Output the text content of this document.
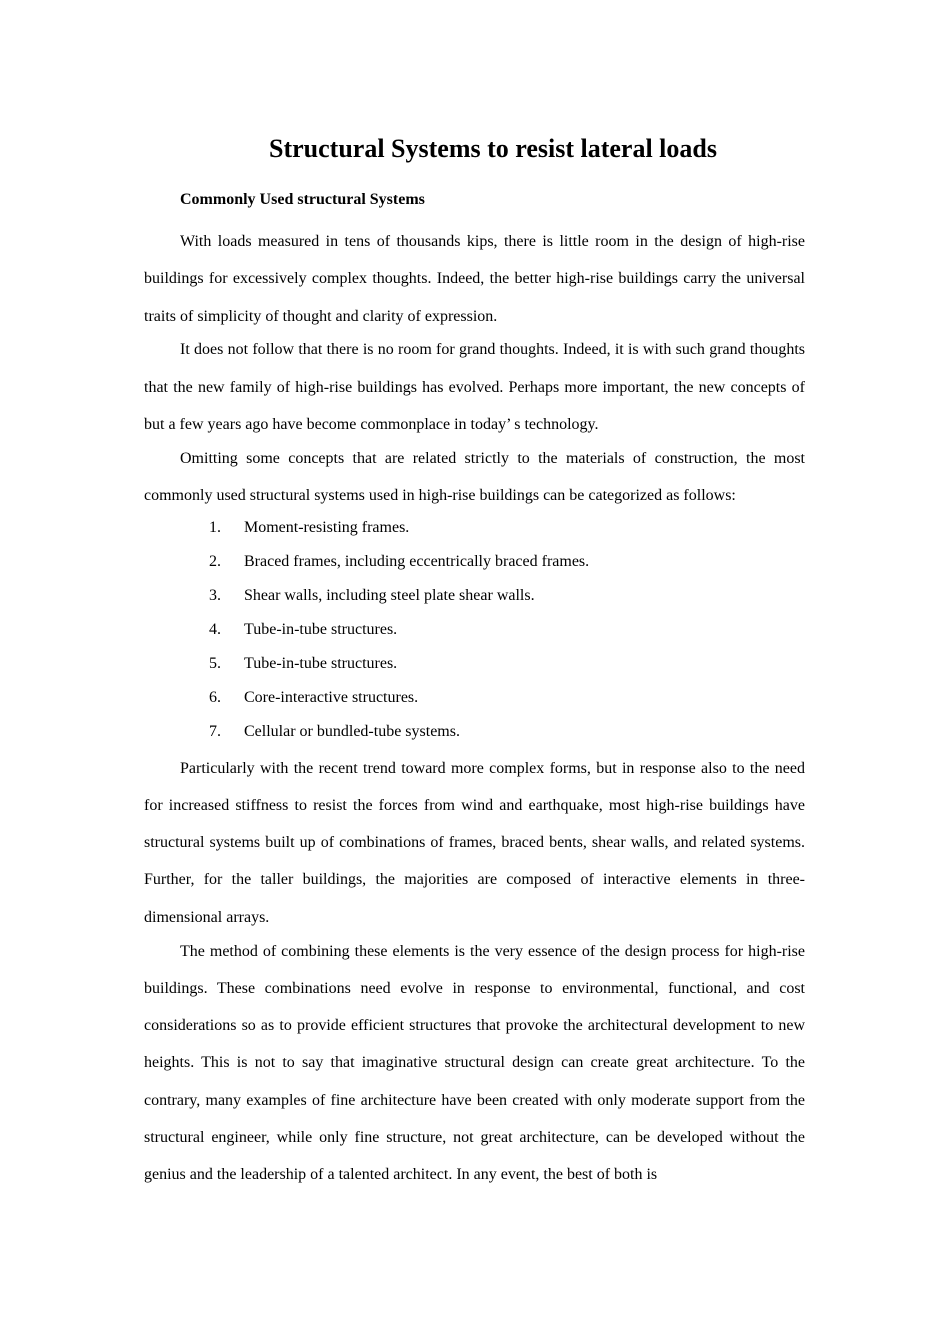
Structural Systems to resist lateral loads
Commonly Used structural Systems

With loads measured in tens of thousands kips, there is little room in the design of high-rise buildings for excessively complex thoughts. Indeed, the better high-rise buildings carry the universal traits of simplicity of thought and clarity of expression.

It does not follow that there is no room for grand thoughts. Indeed, it is with such grand thoughts that the new family of high-rise buildings has evolved. Perhaps more important, the new concepts of but a few years ago have become commonplace in today’ s technology.

Omitting some concepts that are related strictly to the materials of construction, the most commonly used structural systems used in high-rise buildings can be categorized as follows:

1. Moment-resisting frames.
2. Braced frames, including eccentrically braced frames.
3. Shear walls, including steel plate shear walls.
4. Tube-in-tube structures.
5. Tube-in-tube structures.
6. Core-interactive structures.
7. Cellular or bundled-tube systems.

Particularly with the recent trend toward more complex forms, but in response also to the need for increased stiffness to resist the forces from wind and earthquake, most high-rise buildings have structural systems built up of combinations of frames, braced bents, shear walls, and related systems. Further, for the taller buildings, the majorities are composed of interactive elements in three-dimensional arrays.

The method of combining these elements is the very essence of the design process for high-rise buildings. These combinations need evolve in response to environmental, functional, and cost considerations so as to provide efficient structures that provoke the architectural development to new heights. This is not to say that imaginative structural design can create great architecture. To the contrary, many examples of fine architecture have been created with only moderate support from the structural engineer, while only fine structure, not great architecture, can be developed without the genius and the leadership of a talented architect. In any event, the best of both is
